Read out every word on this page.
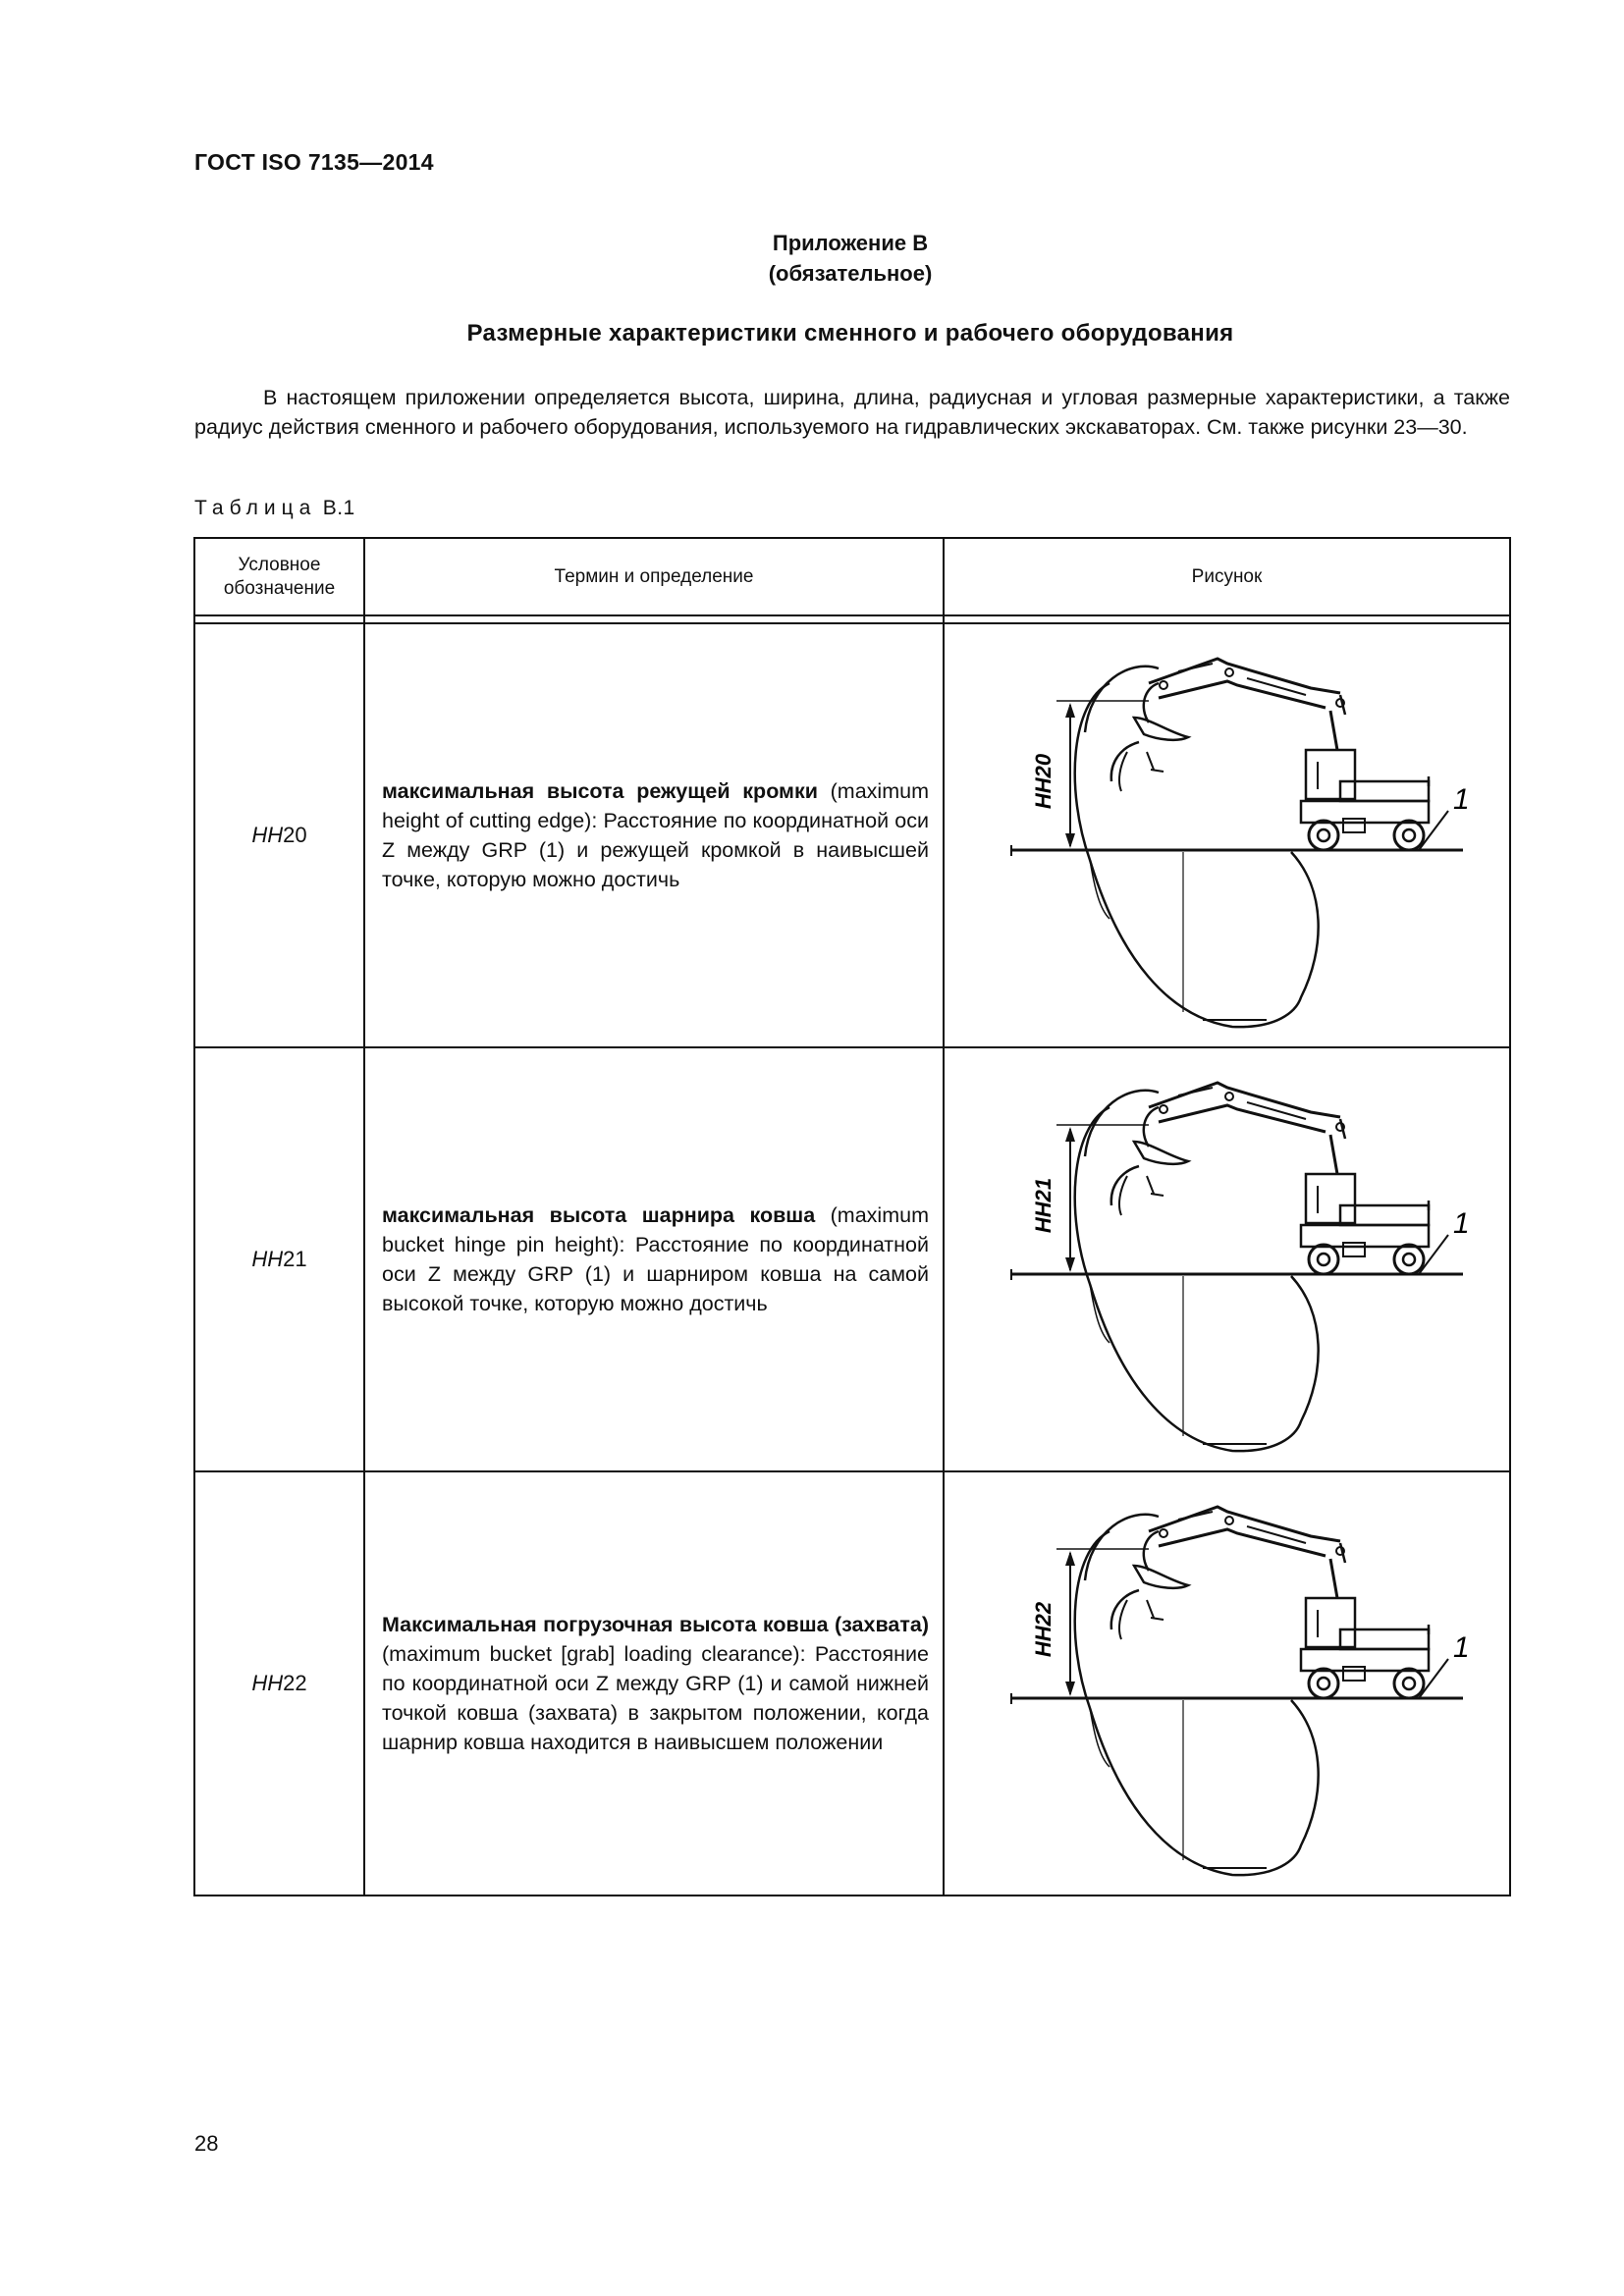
ГОСТ ISO 7135—2014
Приложение В
(обязательное)
Размерные характеристики сменного и рабочего оборудования
В настоящем приложении определяется высота, ширина, длина, радиусная и угловая размерные характеристики, а также радиус действия сменного и рабочего оборудования, используемого на гидравлических экскаваторах. См. также рисунки 23—30.
Таблица В.1
Условное обозначение	Термин и определение	Рисунок

HH20	максимальная высота режущей кромки (maximum height of cutting edge): Расстояние по координатной оси Z между GRP (1) и режущей кромкой в наивысшей точке, которую можно достичь	HH20 1

HH21	максимальная высота шарнира ковша (maximum bucket hinge pin height): Расстояние по координатной оси Z между GRP (1) и шарниром ковша на самой высокой точке, которую можно достичь	HH21 1

HH22	Максимальная погрузочная высота ковша (захвата) (maximum bucket [grab] loading clearance): Расстояние по координатной оси Z между GRP (1) и самой нижней точкой ковша (захвата) в закрытом положении, когда шарнир ковша находится в наивысшем положении	HH22 1
28
